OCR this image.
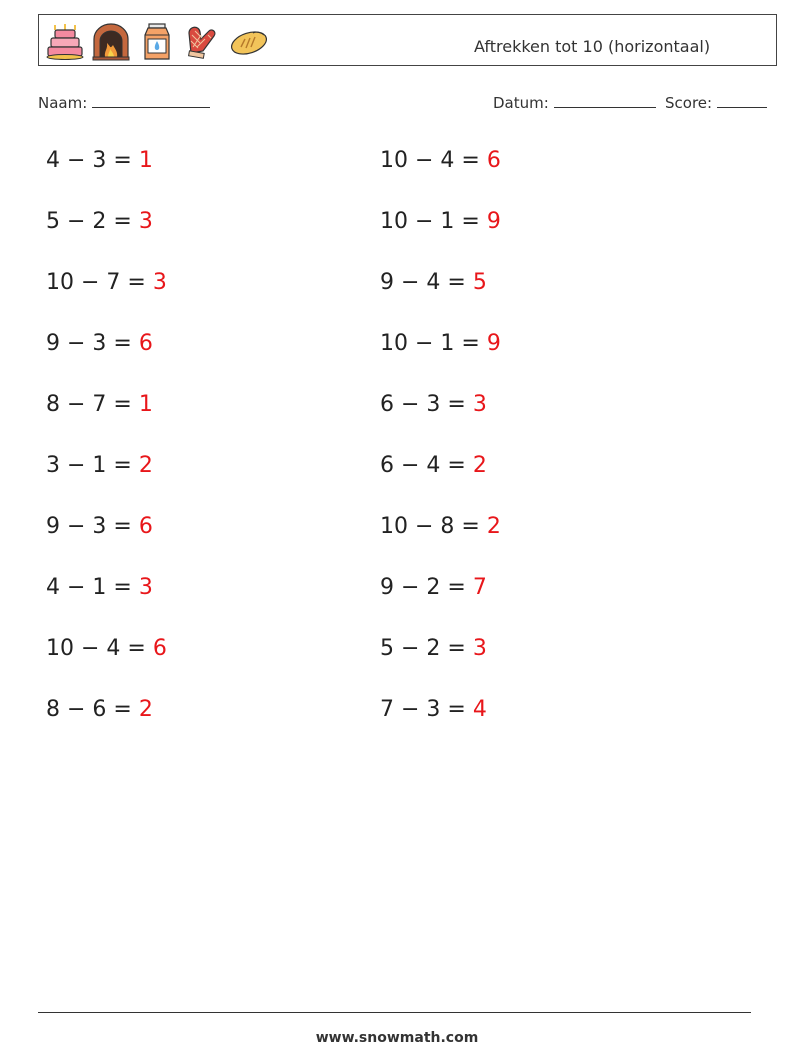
Aftrekken tot 10 (horizontaal)
Naam:	Datum:	Score:
4 − 3 = 1
5 − 2 = 3
10 − 7 = 3
9 − 3 = 6
8 − 7 = 1
3 − 1 = 2
9 − 3 = 6
4 − 1 = 3
10 − 4 = 6
8 − 6 = 2
10 − 4 = 6
10 − 1 = 9
9 − 4 = 5
10 − 1 = 9
6 − 3 = 3
6 − 4 = 2
10 − 8 = 2
9 − 2 = 7
5 − 2 = 3
7 − 3 = 4
www.snowmath.com
